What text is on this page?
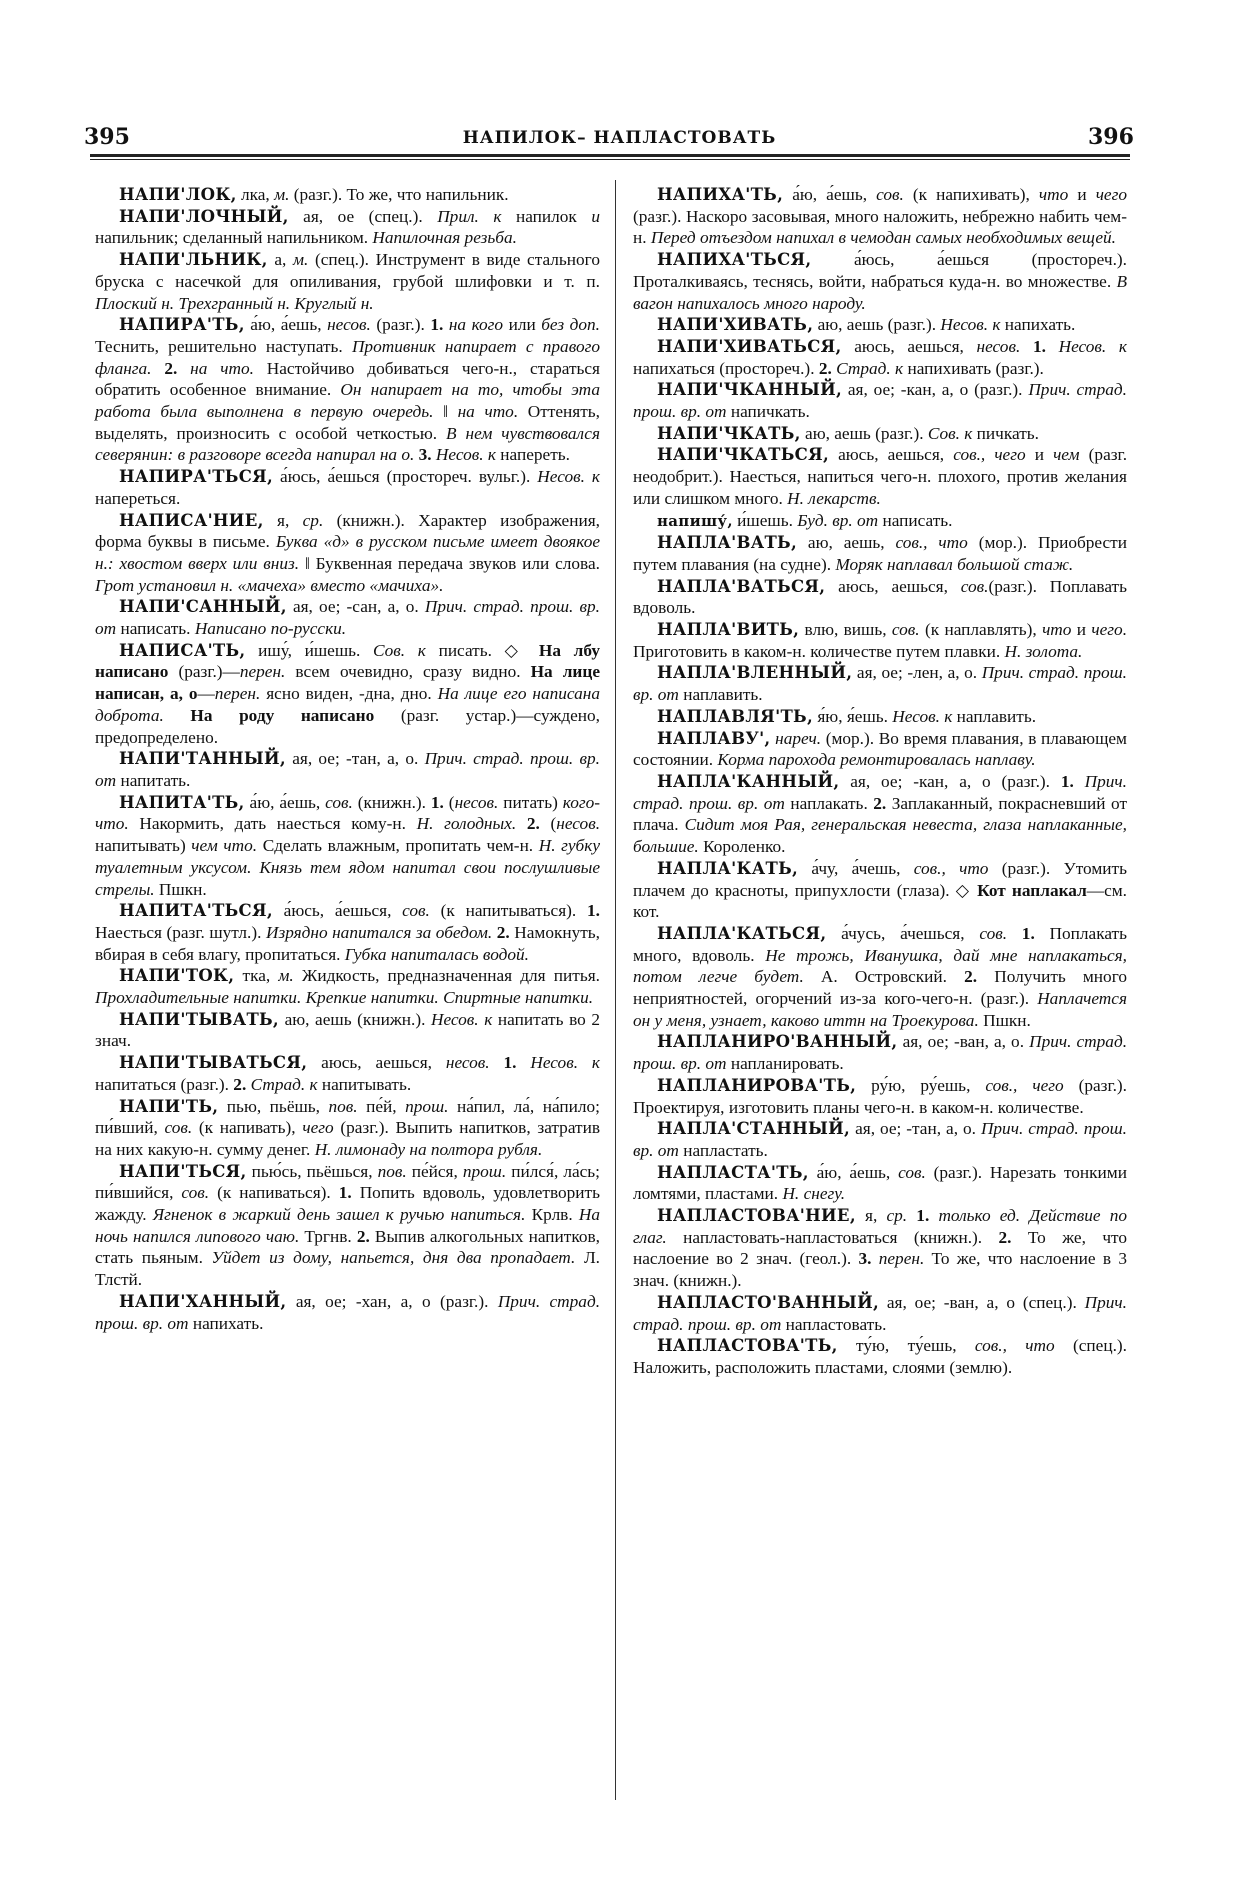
395	НАПИЛОК– НАПЛАСТОВАТЬ	396

НАПИ'ЛОК, лка, м. (разг.). То же, что напильник.

НАПИ'ЛОЧНЫЙ, ая, ое (спец.). Прил. к напилок и напильник; сделанный напильником. Напилочная резьба.

НАПИ'ЛЬНИК, а, м. (спец.). Инструмент в виде стального бруска с насечкой для опиливания, грубой шлифовки и т. п. Плоский н. Трехгранный н. Круглый н.

НАПИРА'ТЬ, а́ю, а́ешь, несов. (разг.). 1. на кого или без доп. Теснить, решительно наступать. Противник напирает с правого фланга. 2. на что. Настойчиво добиваться чего-н., стараться обратить особенное внимание. Он напирает на то, чтобы эта работа была выполнена в первую очередь. ‖ на что. Оттенять, выделять, произносить с особой четкостью. В нем чувствовался северянин: в разговоре всегда напирал на о. 3. Несов. к напереть.

НАПИРА'ТЬСЯ, а́юсь, а́ешься (простореч. вульг.). Несов. к напереться.

НАПИСА'НИЕ, я, ср. (книжн.). Характер изображения, форма буквы в письме. Буква «д» в русском письме имеет двоякое н.: хвостом вверх или вниз. ‖ Буквенная передача звуков или слова. Грот установил н. «мачеха» вместо «мачиха».

НАПИ'САННЫЙ, ая, ое; -сан, а, о. Прич. страд. прош. вр. от написать. Написано по-русски.

НАПИСА'ТЬ, ишу́, и́шешь. Сов. к писать. ◇ На лбу написано (разг.)—перен. всем очевидно, сразу видно. На лице написан, а, о—перен. ясно виден, -дна, дно. На лице его написана доброта. На роду написано (разг. устар.)—суждено, предопределено.

НАПИ'ТАННЫЙ, ая, ое; -тан, а, о. Прич. страд. прош. вр. от напитать.

НАПИТА'ТЬ, а́ю, а́ешь, сов. (книжн.). 1. (несов. питать) кого-что. Накормить, дать наесться кому-н. Н. голодных. 2. (несов. напитывать) чем что. Сделать влажным, пропитать чем-н. Н. губку туалетным уксусом. Князь тем ядом напитал свои послушливые стрелы. Пшкн.

НАПИТА'ТЬСЯ, а́юсь, а́ешься, сов. (к напитываться). 1. Наесться (разг. шутл.). Изрядно напитался за обедом. 2. Намокнуть, вбирая в себя влагу, пропитаться. Губка напиталась водой.

НАПИ'ТОК, тка, м. Жидкость, предназначенная для питья. Прохладительные напитки. Крепкие напитки. Спиртные напитки.

НАПИ'ТЫВАТЬ, аю, аешь (книжн.). Несов. к напитать во 2 знач.

НАПИ'ТЫВАТЬСЯ, аюсь, аешься, несов. 1. Несов. к напитаться (разг.). 2. Страд. к напитывать.

НАПИ'ТЬ, пью, пьёшь, пов. пе́й, прош. на́пил, ла́, на́пило; пи́вший, сов. (к напивать), чего (разг.). Выпить напитков, затратив на них какую-н. сумму денег. Н. лимонаду на полтора рубля.

НАПИ'ТЬСЯ, пью́сь, пьёшься, пов. пе́йся, прош. пи́лся́, ла́сь; пи́вшийся, сов. (к напиваться). 1. Попить вдоволь, удовлетворить жажду. Ягненок в жаркий день зашел к ручью напиться. Крлв. На ночь напился липового чаю. Тргнв. 2. Выпив алкогольных напитков, стать пьяным. Уйдет из дому, напьется, дня два пропадает. Л. Тлстй.

НАПИ'ХАННЫЙ, ая, ое; -хан, а, о (разг.). Прич. страд. прош. вр. от напихать.

НАПИХА'ТЬ, а́ю, а́ешь, сов. (к напихивать), что и чего (разг.). Наскоро засовывая, много наложить, небрежно набить чем-н. Перед отъездом напихал в чемодан самых необходимых вещей.

НАПИХА'ТЬСЯ, а́юсь, а́ешься (простореч.). Проталкиваясь, теснясь, войти, набраться куда-н. во множестве. В вагон напихалось много народу.

НАПИ'ХИВАТЬ, аю, аешь (разг.). Несов. к напихать.

НАПИ'ХИВАТЬСЯ, аюсь, аешься, несов. 1. Несов. к напихаться (простореч.). 2. Страд. к напихивать (разг.).

НАПИ'ЧКАННЫЙ, ая, ое; -кан, а, о (разг.). Прич. страд. прош. вр. от напичкать.

НАПИ'ЧКАТЬ, аю, аешь (разг.). Сов. к пичкать.

НАПИ'ЧКАТЬСЯ, аюсь, аешься, сов., чего и чем (разг. неодобрит.). Наесться, напиться чего-н. плохого, против желания или слишком много. Н. лекарств.

напишу́, и́шешь. Буд. вр. от написать.

НАПЛА'ВАТЬ, аю, аешь, сов., что (мор.). Приобрести путем плавания (на судне). Моряк наплавал большой стаж.

НАПЛА'ВАТЬСЯ, аюсь, аешься, сов.(разг.). Поплавать вдоволь.

НАПЛА'ВИТЬ, влю, вишь, сов. (к наплавлять), что и чего. Приготовить в каком-н. количестве путем плавки. Н. золота.

НАПЛА'ВЛЕННЫЙ, ая, ое; -лен, а, о. Прич. страд. прош. вр. от наплавить.

НАПЛАВЛЯ'ТЬ, я́ю, я́ешь. Несов. к наплавить.

НАПЛАВУ', нареч. (мор.). Во время плавания, в плавающем состоянии. Корма парохода ремонтировалась наплаву.

НАПЛА'КАННЫЙ, ая, ое; -кан, а, о (разг.). 1. Прич. страд. прош. вр. от наплакать. 2. Заплаканный, покрасневший от плача. Сидит моя Рая, генеральская невеста, глаза наплаканные, большие. Короленко.

НАПЛА'КАТЬ, а́чу, а́чешь, сов., что (разг.). Утомить плачем до красноты, припухлости (глаза). ◇ Кот наплакал—см. кот.

НАПЛА'КАТЬСЯ, а́чусь, а́чешься, сов. 1. Поплакать много, вдоволь. Не трожь, Иванушка, дай мне наплакаться, потом легче будет. А. Островский. 2. Получить много неприятностей, огорчений из-за кого-чего-н. (разг.). Наплачется он у меня, узнает, каково иттн на Троекурова. Пшкн.

НАПЛАНИРО'ВАННЫЙ, ая, ое; -ван, а, о. Прич. страд. прош. вр. от напланировать.

НАПЛАНИРОВА'ТЬ, ру́ю, ру́ешь, сов., чего (разг.). Проектируя, изготовить планы чего-н. в каком-н. количестве.

НАПЛА'СТАННЫЙ, ая, ое; -тан, а, о. Прич. страд. прош. вр. от напластать.

НАПЛАСТА'ТЬ, а́ю, а́ешь, сов. (разг.). Нарезать тонкими ломтями, пластами. Н. снегу.

НАПЛАСТОВА'НИЕ, я, ср. 1. только ед. Действие по глаг. напластовать-напластоваться (книжн.). 2. То же, что наслоение во 2 знач. (геол.). 3. перен. То же, что наслоение в 3 знач. (книжн.).

НАПЛАСТО'ВАННЫЙ, ая, ое; -ван, а, о (спец.). Прич. страд. прош. вр. от напластовать.

НАПЛАСТОВА'ТЬ, ту́ю, ту́ешь, сов., что (спец.). Наложить, расположить пластами, слоями (землю).
